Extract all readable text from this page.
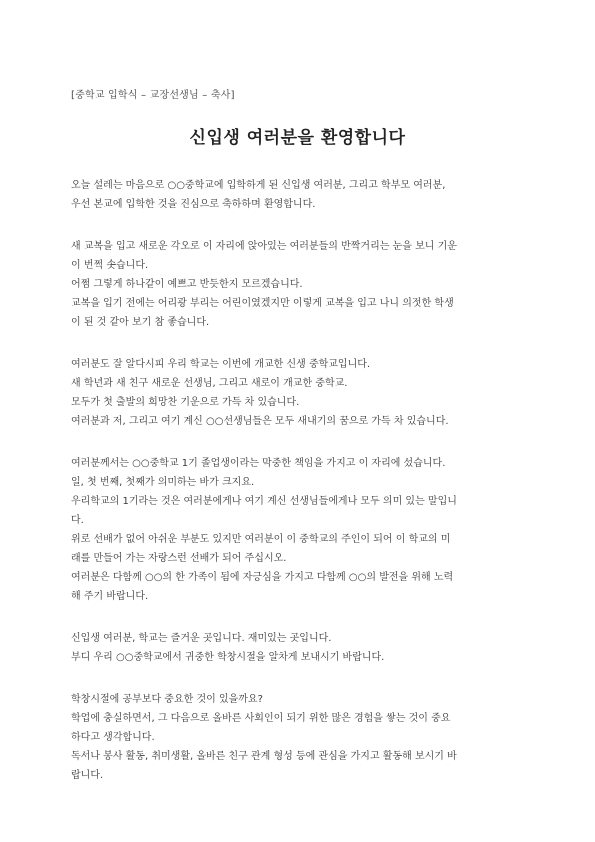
[중학교 입학식 – 교장선생님 – 축사]
신입생 여러분을 환영합니다
오늘 설레는 마음으로 ○○중학교에 입학하게 된 신입생 여러분, 그리고 학부모 여러분,
우선 본교에 입학한 것을 진심으로 축하하며 환영합니다.
새 교복을 입고 새로운 각오로 이 자리에 앉아있는 여러분들의 반짝거리는 눈을 보니 기운
이 번쩍 솟습니다.
어쩜 그렇게 하나같이 예쁘고 반듯한지 모르겠습니다.
교복을 입기 전에는 어리광 부리는 어린이였겠지만 이렇게 교복을 입고 나니 의젓한 학생
이 된 것 같아 보기 참 좋습니다.
여러분도 잘 알다시피 우리 학교는 이번에 개교한 신생 중학교입니다.
새 학년과 새 친구 새로운 선생님, 그리고 새로이 개교한 중학교.
모두가 첫 출발의 희망찬 기운으로 가득 차 있습니다.
여러분과 저, 그리고 여기 계신 ○○선생님들은 모두 새내기의 꿈으로 가득 차 있습니다.
여러분께서는 ○○중학교 1기 졸업생이라는 막중한 책임을 가지고 이 자리에 섰습니다.
일, 첫 번째, 첫째가 의미하는 바가 크지요.
우리학교의 1기라는 것은 여러분에게나 여기 계신 선생님들에게나 모두 의미 있는 말입니
다.
위로 선배가 없어 아쉬운 부분도 있지만 여러분이 이 중학교의 주인이 되어 이 학교의 미
래를 만들어 가는 자랑스런 선배가 되어 주십시오.
여러분은 다함께 ○○의 한 가족이 됨에 자긍심을 가지고 다함께 ○○의 발전을 위해 노력
해 주기 바랍니다.
신입생 여러분, 학교는 즐거운 곳입니다. 재미있는 곳입니다.
부디 우리 ○○중학교에서 귀중한 학창시절을 알차게 보내시기 바랍니다.
학창시절에 공부보다 중요한 것이 있을까요?
학업에 충실하면서, 그 다음으로 올바른 사회인이 되기 위한 많은 경험을 쌓는 것이 중요
하다고 생각합니다.
독서나 봉사 활동, 취미생활, 올바른 친구 관계 형성 등에 관심을 가지고 활동해 보시기 바
랍니다.
